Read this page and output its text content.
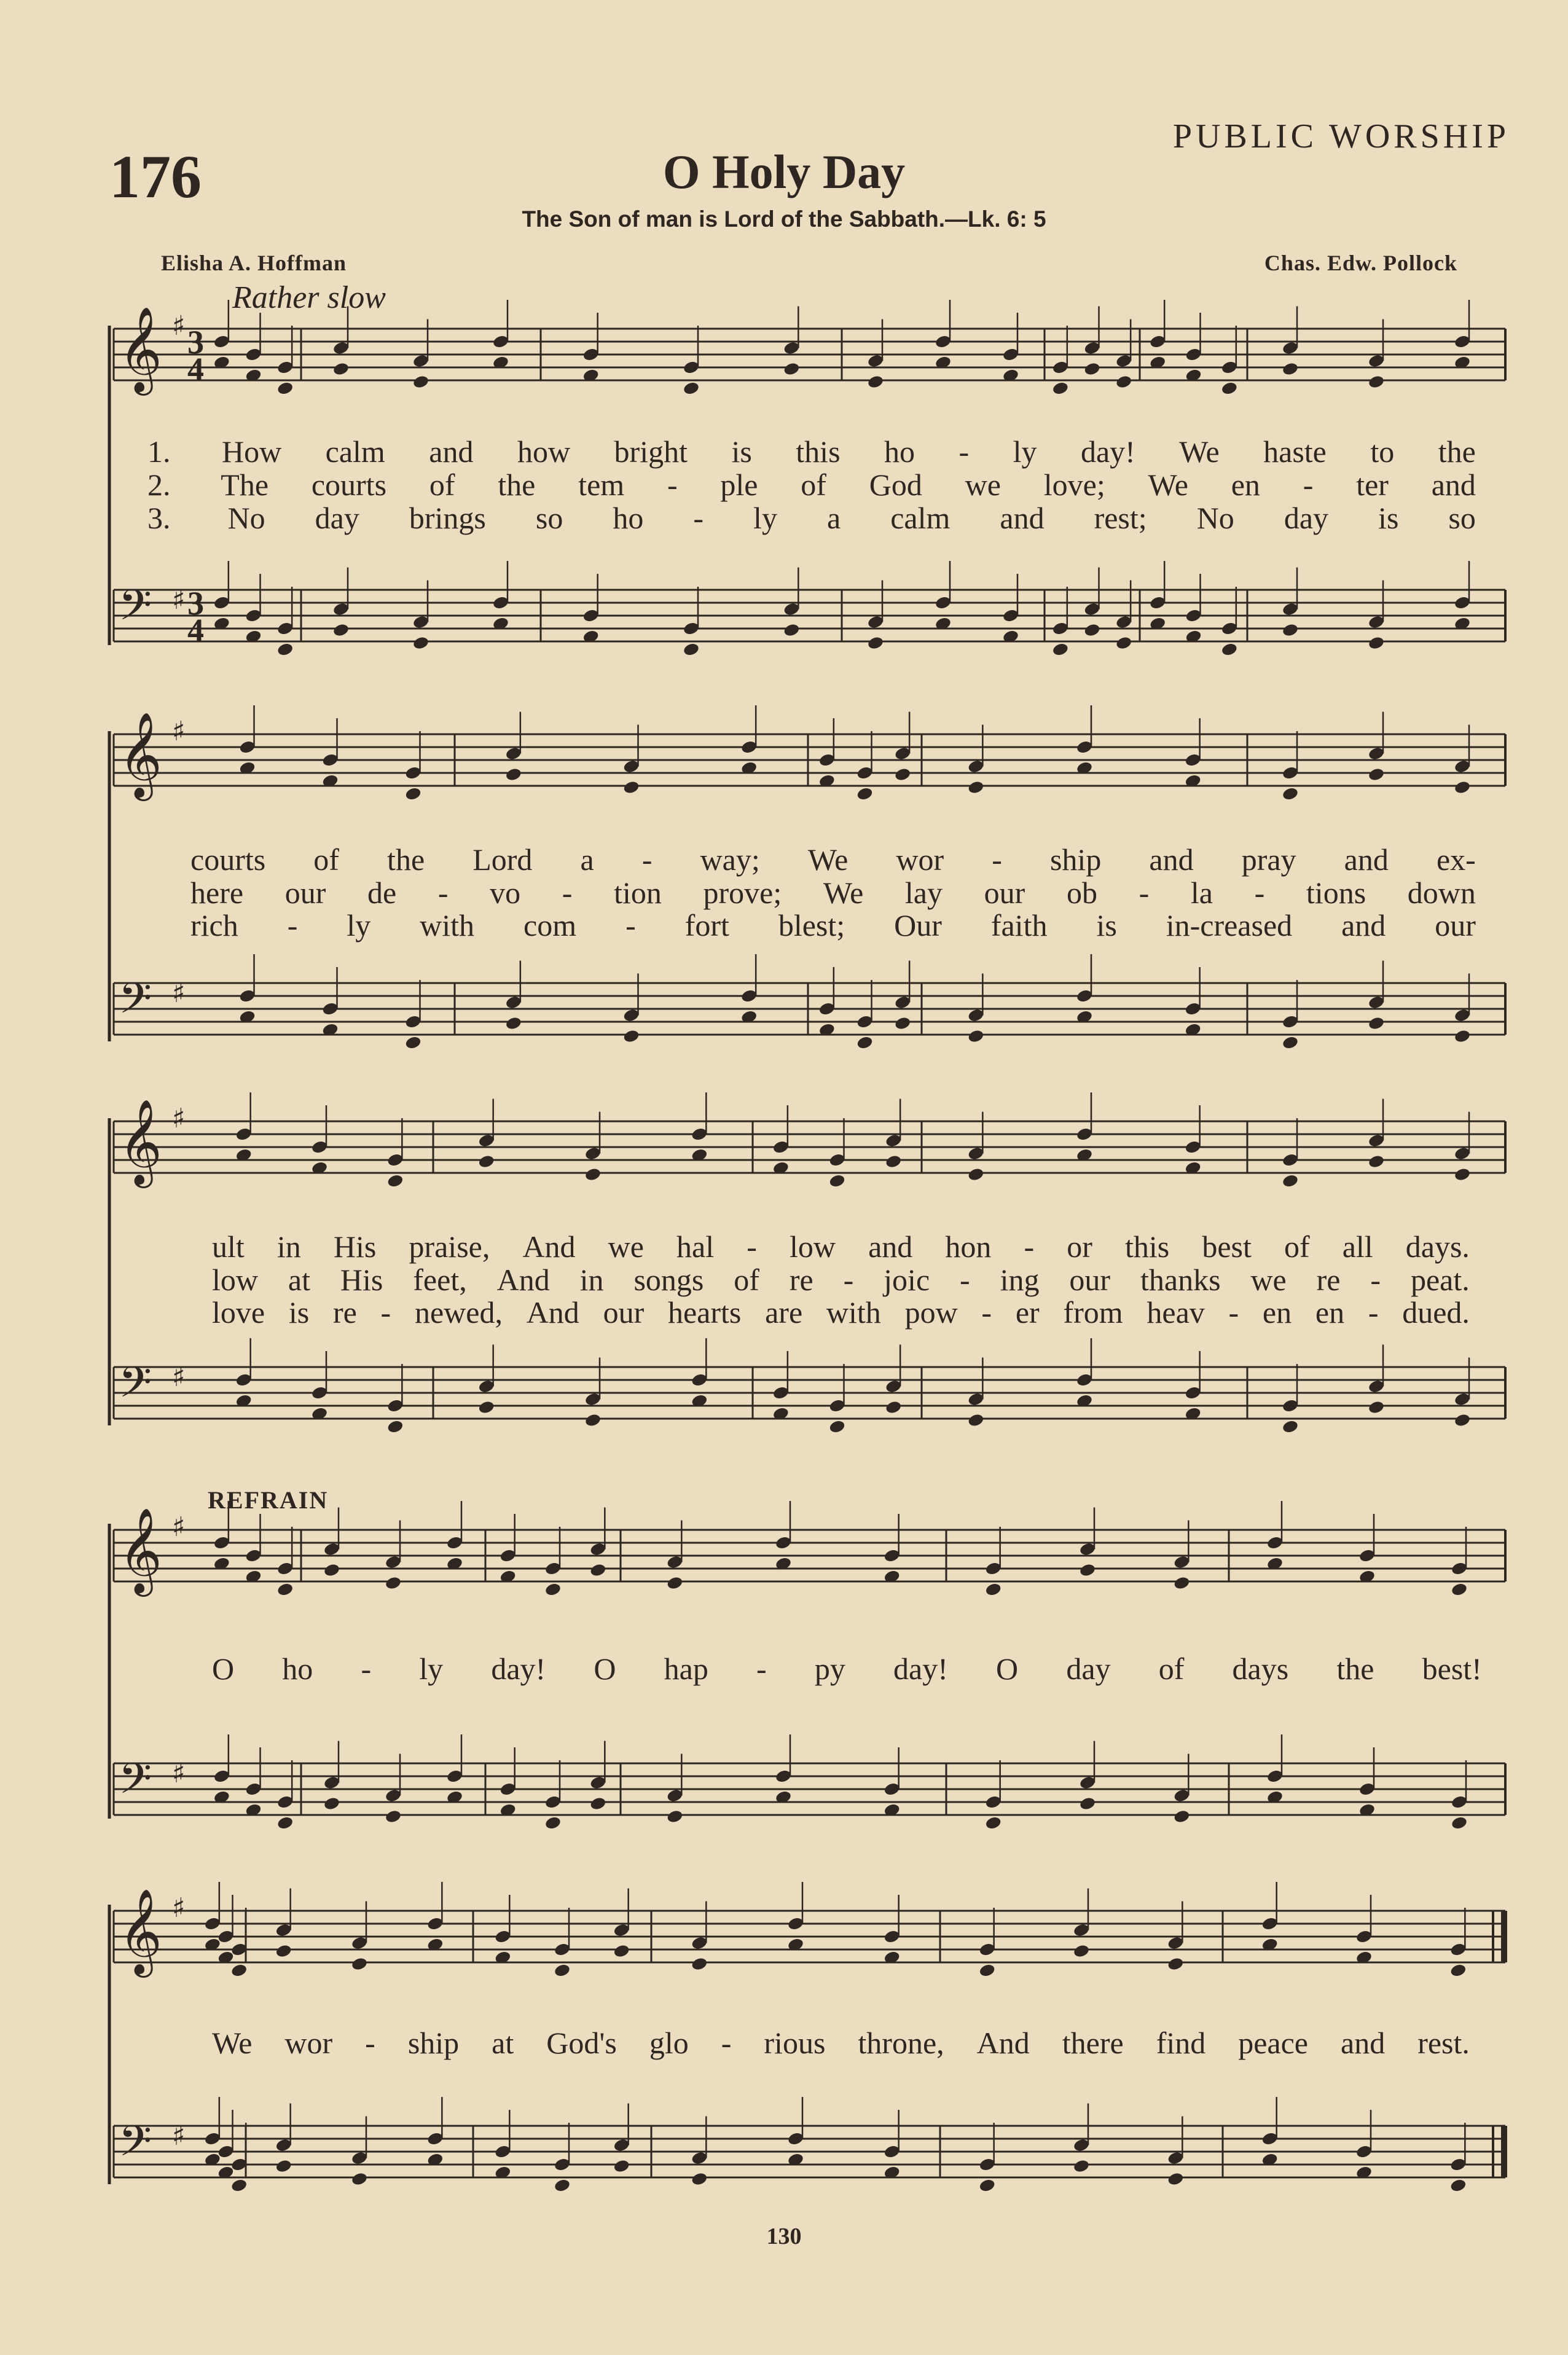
𝄞 ♯
𝄢 ♯
3
4
3
4
𝄞 ♯
𝄢 ♯
𝄞 ♯
𝄢 ♯
𝄞 ♯
𝄢 ♯
𝄞 ♯
𝄢 ♯
PUBLIC WORSHIP
176	O Holy Day
The Son of man is Lord of the Sabbath.—Lk. 6: 5
Elisha A. Hoffman	Chas. Edw. Pollock
Rather slow
1. How calm and how bright is this ho - ly day! We haste to the
2. The courts of the tem - ple of God we love; We en - ter and
3. No day brings so ho - ly a calm and rest; No day is so
courts of the Lord a - way; We wor - ship and pray and ex-
here our de - vo - tion prove; We lay our ob - la - tions down
rich - ly with com - fort blest; Our faith is in-creased and our
ult in His praise, And we hal - low and hon - or this best of all days.
low at His feet, And in songs of re - joic - ing our thanks we re - peat.
love is re - newed, And our hearts are with pow - er from heav - en en - dued.
REFRAIN
O ho - ly day! O hap - py day! O day of days the best!
We wor - ship at God's glo - rious throne, And there find peace and rest.
130
